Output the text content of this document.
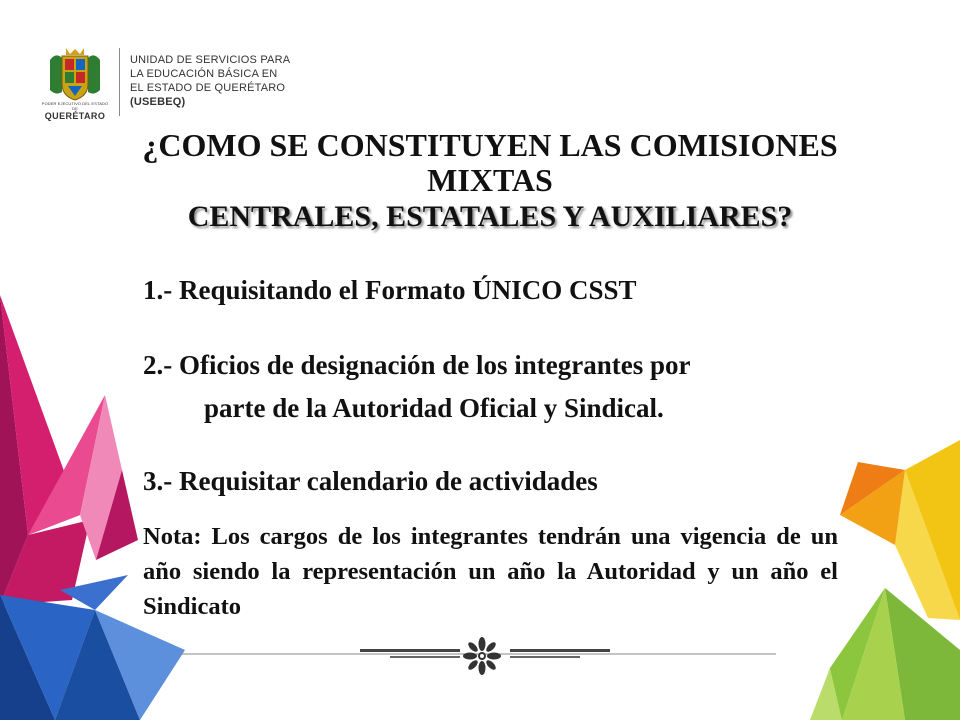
PODER EJECUTIVO DEL ESTADO DE
QUERÉTARO
UNIDAD DE SERVICIOS PARA
LA EDUCACIÓN BÁSICA EN
EL ESTADO DE QUERÉTARO
(USEBEQ)
¿COMO SE CONSTITUYEN LAS COMISIONES
MIXTAS
CENTRALES, ESTATALES Y AUXILIARES?
1.- Requisitando el Formato ÚNICO CSST
2.- Oficios de designación de los integrantes por
parte de la Autoridad Oficial y Sindical.
3.- Requisitar calendario de actividades
Nota: Los cargos de los integrantes tendrán una vigencia de un año siendo la representación un año la Autoridad y un año el Sindicato
